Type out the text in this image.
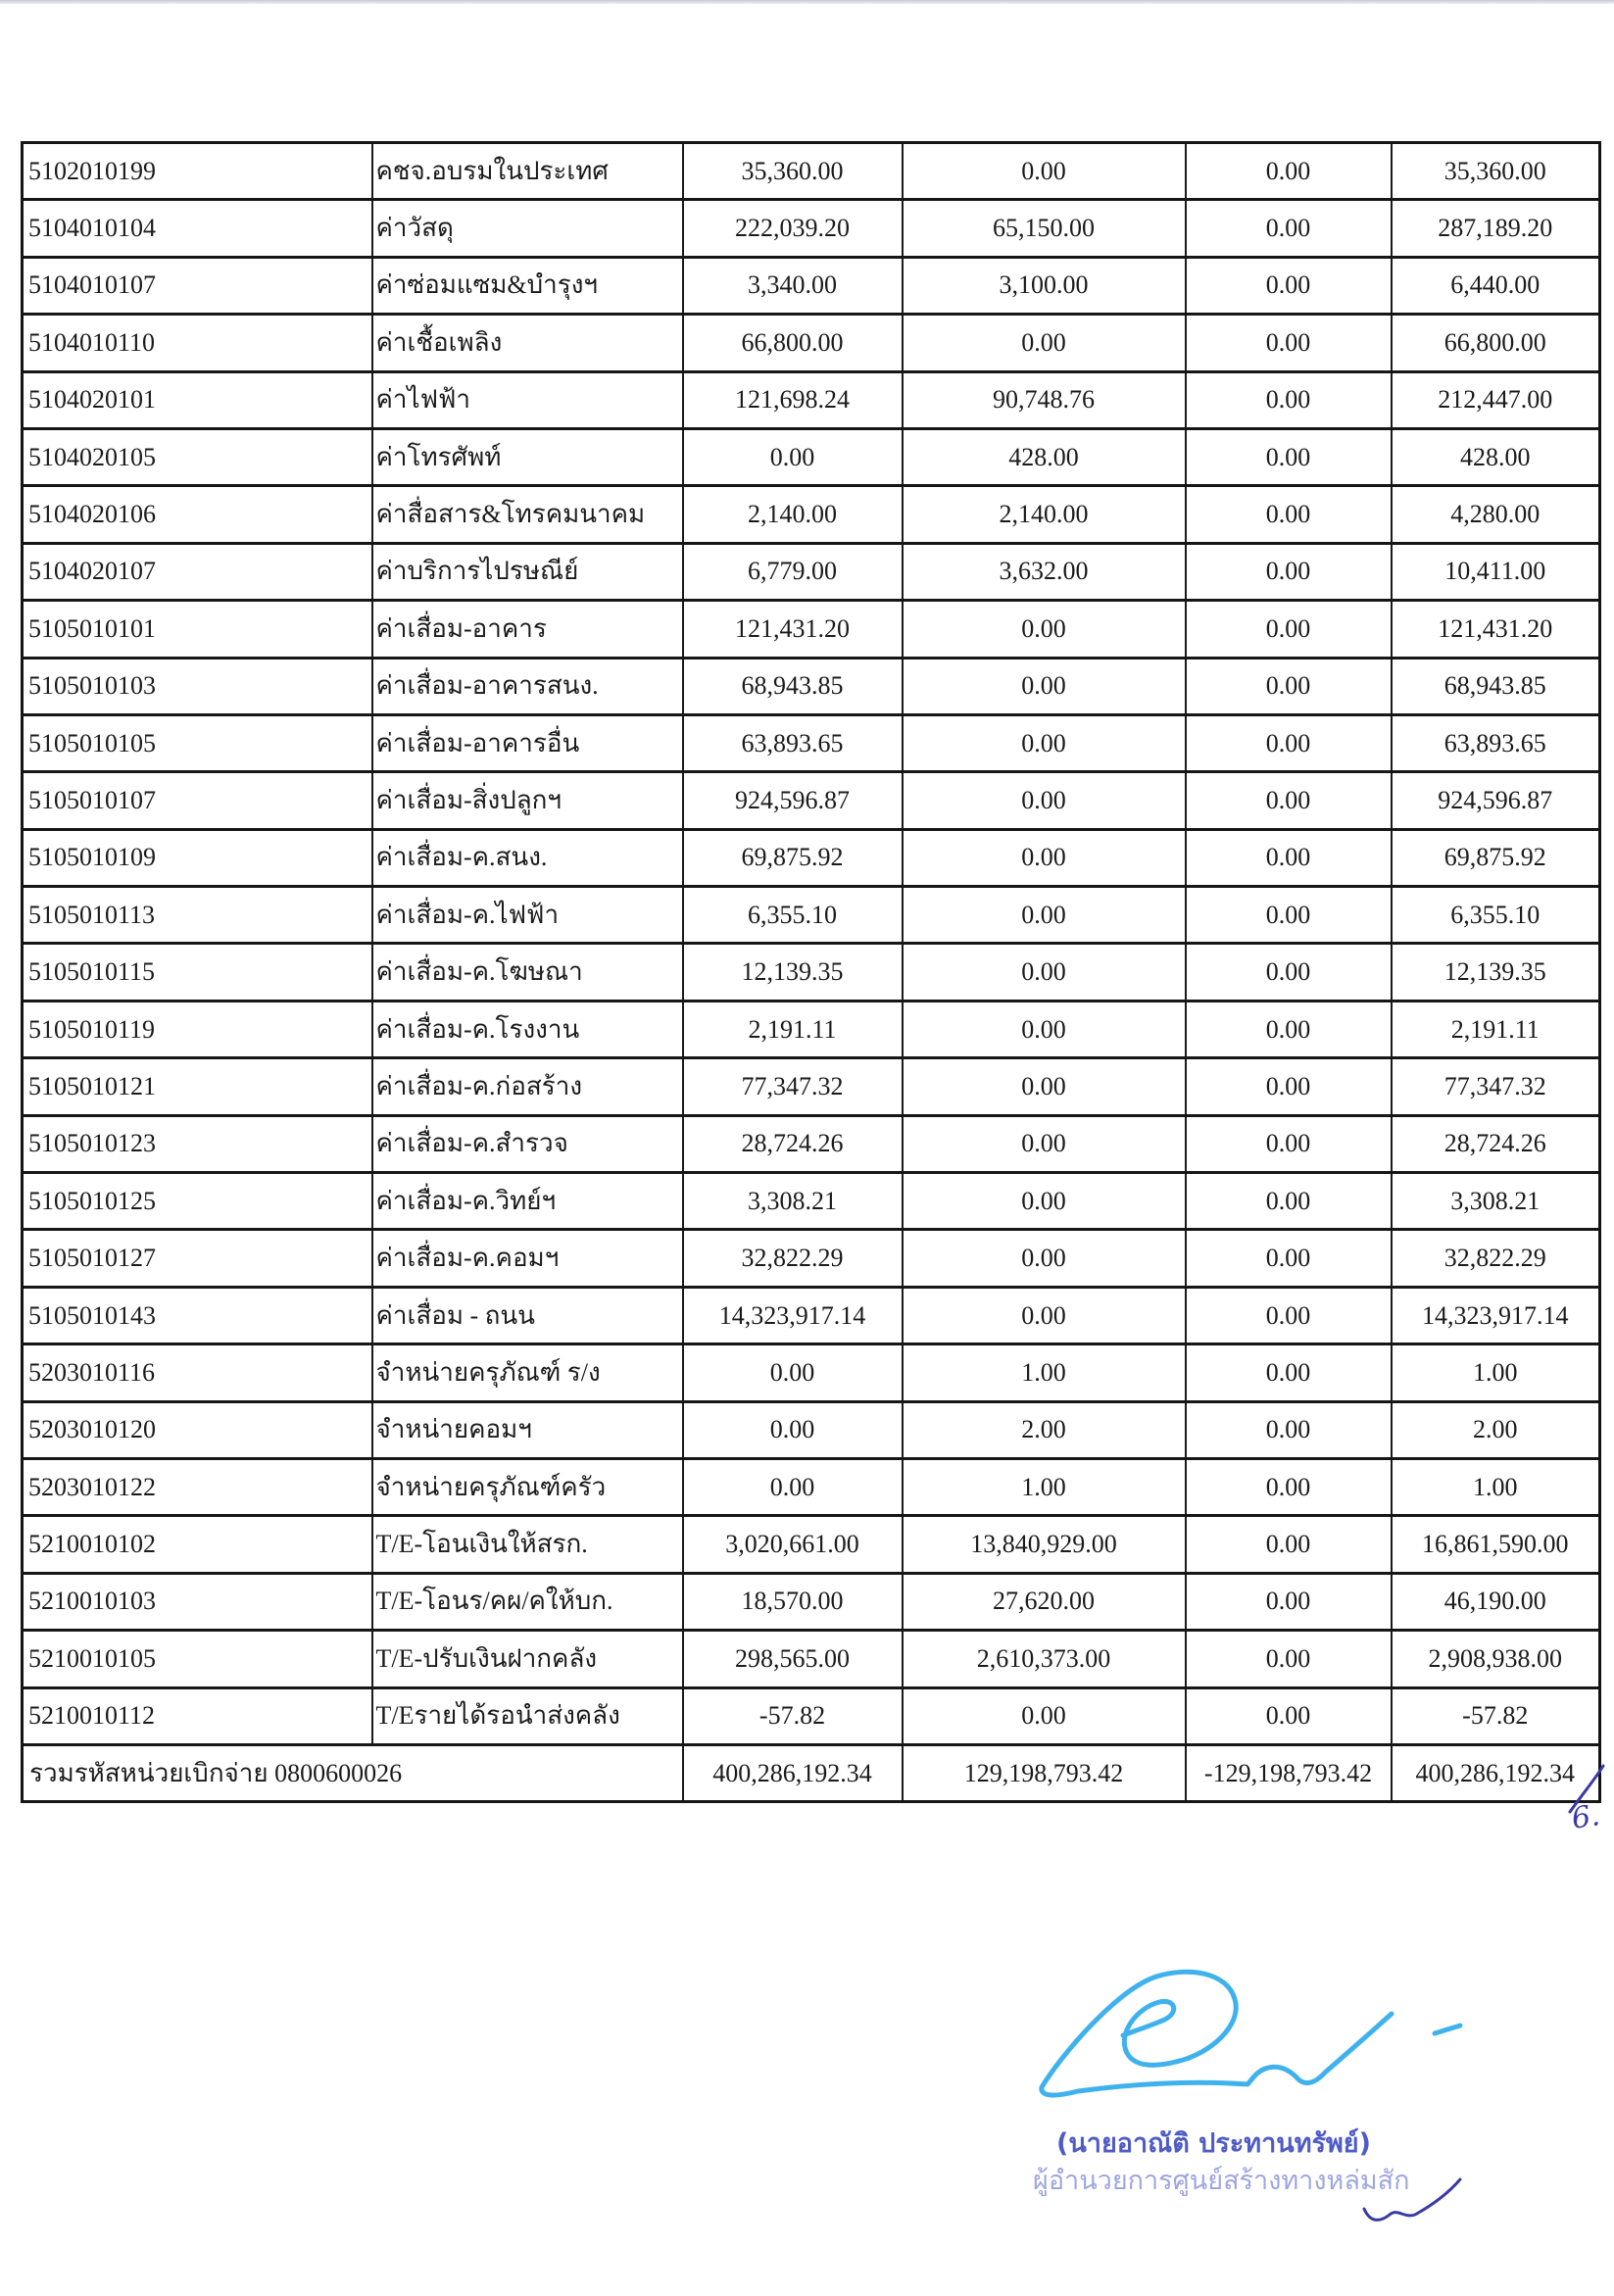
5102010199	คชจ.อบรมในประเทศ	35,360.00	0.00	0.00	35,360.00
5104010104	ค่าวัสดุ	222,039.20	65,150.00	0.00	287,189.20
5104010107	ค่าซ่อมแซม&บำรุงฯ	3,340.00	3,100.00	0.00	6,440.00
5104010110	ค่าเชื้อเพลิง	66,800.00	0.00	0.00	66,800.00
5104020101	ค่าไฟฟ้า	121,698.24	90,748.76	0.00	212,447.00
5104020105	ค่าโทรศัพท์	0.00	428.00	0.00	428.00
5104020106	ค่าสื่อสาร&โทรคมนาคม	2,140.00	2,140.00	0.00	4,280.00
5104020107	ค่าบริการไปรษณีย์	6,779.00	3,632.00	0.00	10,411.00
5105010101	ค่าเสื่อม-อาคาร	121,431.20	0.00	0.00	121,431.20
5105010103	ค่าเสื่อม-อาคารสนง.	68,943.85	0.00	0.00	68,943.85
5105010105	ค่าเสื่อม-อาคารอื่น	63,893.65	0.00	0.00	63,893.65
5105010107	ค่าเสื่อม-สิ่งปลูกฯ	924,596.87	0.00	0.00	924,596.87
5105010109	ค่าเสื่อม-ค.สนง.	69,875.92	0.00	0.00	69,875.92
5105010113	ค่าเสื่อม-ค.ไฟฟ้า	6,355.10	0.00	0.00	6,355.10
5105010115	ค่าเสื่อม-ค.โฆษณา	12,139.35	0.00	0.00	12,139.35
5105010119	ค่าเสื่อม-ค.โรงงาน	2,191.11	0.00	0.00	2,191.11
5105010121	ค่าเสื่อม-ค.ก่อสร้าง	77,347.32	0.00	0.00	77,347.32
5105010123	ค่าเสื่อม-ค.สำรวจ	28,724.26	0.00	0.00	28,724.26
5105010125	ค่าเสื่อม-ค.วิทย์ฯ	3,308.21	0.00	0.00	3,308.21
5105010127	ค่าเสื่อม-ค.คอมฯ	32,822.29	0.00	0.00	32,822.29
5105010143	ค่าเสื่อม - ถนน	14,323,917.14	0.00	0.00	14,323,917.14
5203010116	จำหน่ายครุภัณฑ์ ร/ง	0.00	1.00	0.00	1.00
5203010120	จำหน่ายคอมฯ	0.00	2.00	0.00	2.00
5203010122	จำหน่ายครุภัณฑ์ครัว	0.00	1.00	0.00	1.00
5210010102	T/E-โอนเงินให้สรก.	3,020,661.00	13,840,929.00	0.00	16,861,590.00
5210010103	T/E-โอนร/คผ/คให้บก.	18,570.00	27,620.00	0.00	46,190.00
5210010105	T/E-ปรับเงินฝากคลัง	298,565.00	2,610,373.00	0.00	2,908,938.00
5210010112	T/Eรายได้รอนำส่งคลัง	-57.82	0.00	0.00	-57.82
รวมรหัสหน่วยเบิกจ่าย 0800600026		400,286,192.34	129,198,793.42	-129,198,793.42	400,286,192.34
6.
(นายอาณัติ ประทานทรัพย์)
ผู้อำนวยการศูนย์สร้างทางหล่มสัก
